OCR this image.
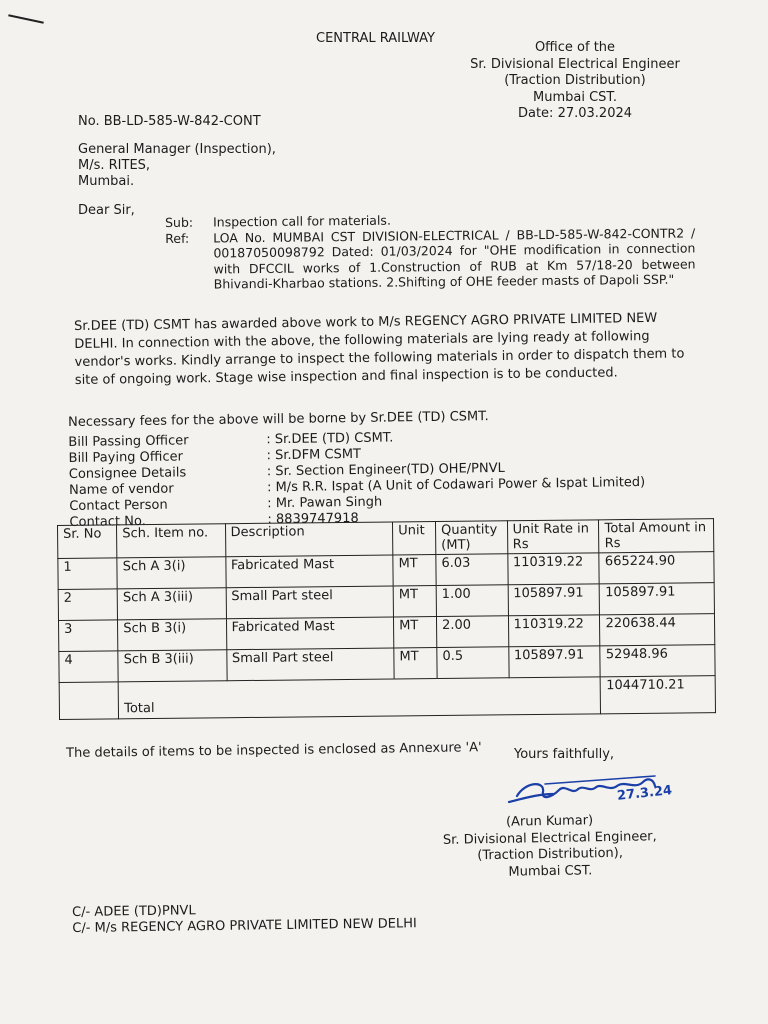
CENTRAL RAILWAY
Office of the
Sr. Divisional Electrical Engineer
(Traction Distribution)
Mumbai CST.
Date: 27.03.2024
No. BB-LD-585-W-842-CONT
General Manager (Inspection),
M/s. RITES,
Mumbai.
Dear Sir,
Sub:	Inspection call for materials.
Ref:	LOA No. MUMBAI CST DIVISION-ELECTRICAL / BB-LD-585-W-842-CONTR2 / 00187050098792 Dated: 01/03/2024 for "OHE modification in connection with DFCCIL works of 1.Construction of RUB at Km 57/18-20 between Bhivandi-Kharbao stations. 2.Shifting of OHE feeder masts of Dapoli SSP."
Sr.DEE (TD) CSMT has awarded above work to M/s REGENCY AGRO PRIVATE LIMITED NEW DELHI. In connection with the above, the following materials are lying ready at following vendor's works. Kindly arrange to inspect the following materials in order to dispatch them to site of ongoing work. Stage wise inspection and final inspection is to be conducted.
Necessary fees for the above will be borne by Sr.DEE (TD) CSMT.
Bill Passing Officer	: Sr.DEE (TD) CSMT.
Bill Paying Officer	: Sr.DFM CSMT
Consignee Details	: Sr. Section Engineer(TD) OHE/PNVL
Name of vendor	: M/s R.R. Ispat (A Unit of Codawari Power & Ispat Limited)
Contact Person	: Mr. Pawan Singh
Contact No.	: 8839747918
Sr. No	Sch. Item no.	Description	Unit	Quantity (MT)	Unit Rate in Rs	Total Amount in Rs
1	Sch A 3(i)	Fabricated Mast	MT	6.03	110319.22	665224.90
2	Sch A 3(iii)	Small Part steel	MT	1.00	105897.91	105897.91
3	Sch B 3(i)	Fabricated Mast	MT	2.00	110319.22	220638.44
4	Sch B 3(iii)	Small Part steel	MT	0.5	105897.91	52948.96
	Total					1044710.21
The details of items to be inspected is enclosed as Annexure 'A' Yours faithfully,
27.3.24
(Arun Kumar)
Sr. Divisional Electrical Engineer,
(Traction Distribution),
Mumbai CST.
C/- ADEE (TD)PNVL
C/- M/s REGENCY AGRO PRIVATE LIMITED NEW DELHI
